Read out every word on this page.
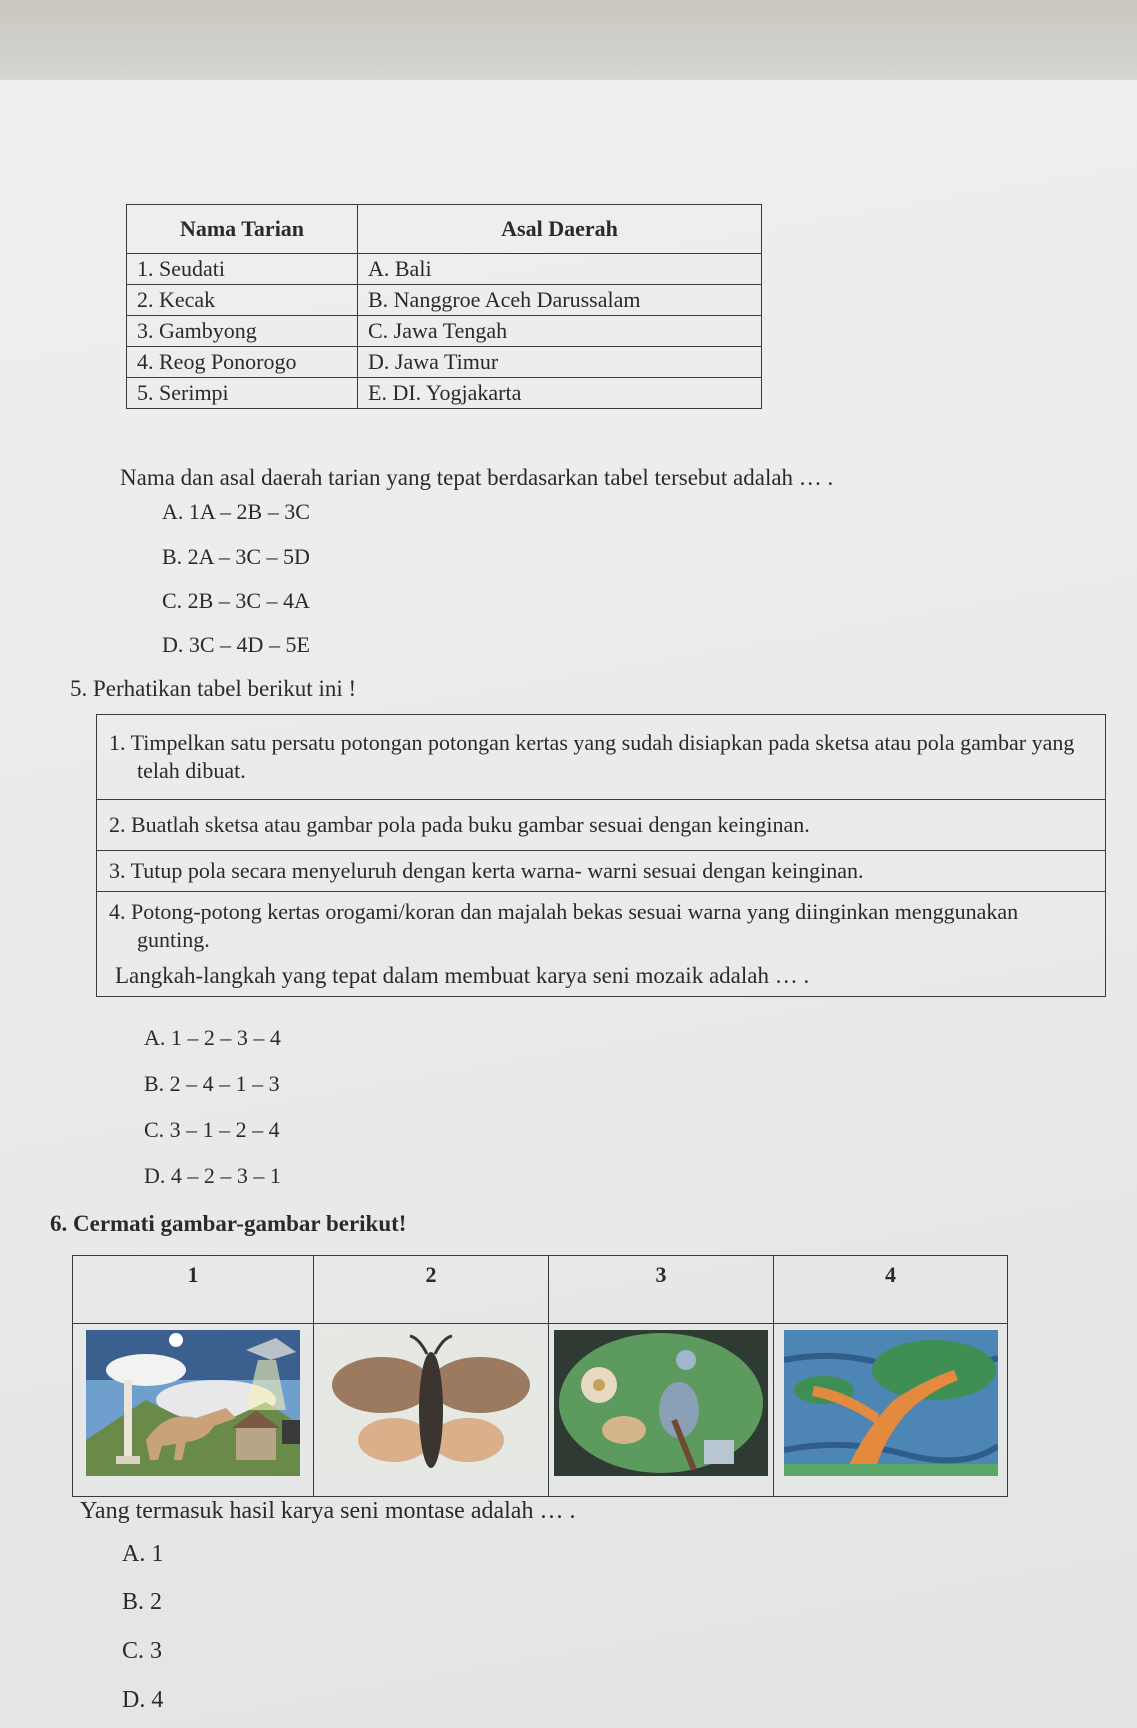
Nama Tarian	Asal Daerah
1. Seudati	A. Bali
2. Kecak	B. Nanggroe Aceh Darussalam
3. Gambyong	C. Jawa Tengah
4. Reog Ponorogo	D. Jawa Timur
5. Serimpi	E. DI. Yogjakarta
Nama dan asal daerah tarian yang tepat berdasarkan tabel tersebut adalah … .
A. 1A – 2B – 3C
B. 2A – 3C – 5D
C. 2B – 3C – 4A
D. 3C – 4D – 5E
5. Perhatikan tabel berikut ini !
1. Timpelkan satu persatu potongan potongan kertas yang sudah disiapkan pada sketsa atau pola gambar yang telah dibuat.
2. Buatlah sketsa atau gambar pola pada buku gambar sesuai dengan keinginan.
3. Tutup pola secara menyeluruh dengan kerta warna- warni sesuai dengan keinginan.
4. Potong-potong kertas orogami/koran dan majalah bekas sesuai warna yang diinginkan menggunakan gunting.
Langkah-langkah yang tepat dalam membuat karya seni mozaik adalah … .
A. 1 – 2 – 3 – 4
B. 2 – 4 – 1 – 3
C. 3 – 1 – 2 – 4
D. 4 – 2 – 3 – 1
6. Cermati gambar-gambar berikut!
1	2	3	4

Yang termasuk hasil karya seni montase adalah … .
A. 1
B. 2
C. 3
D. 4
